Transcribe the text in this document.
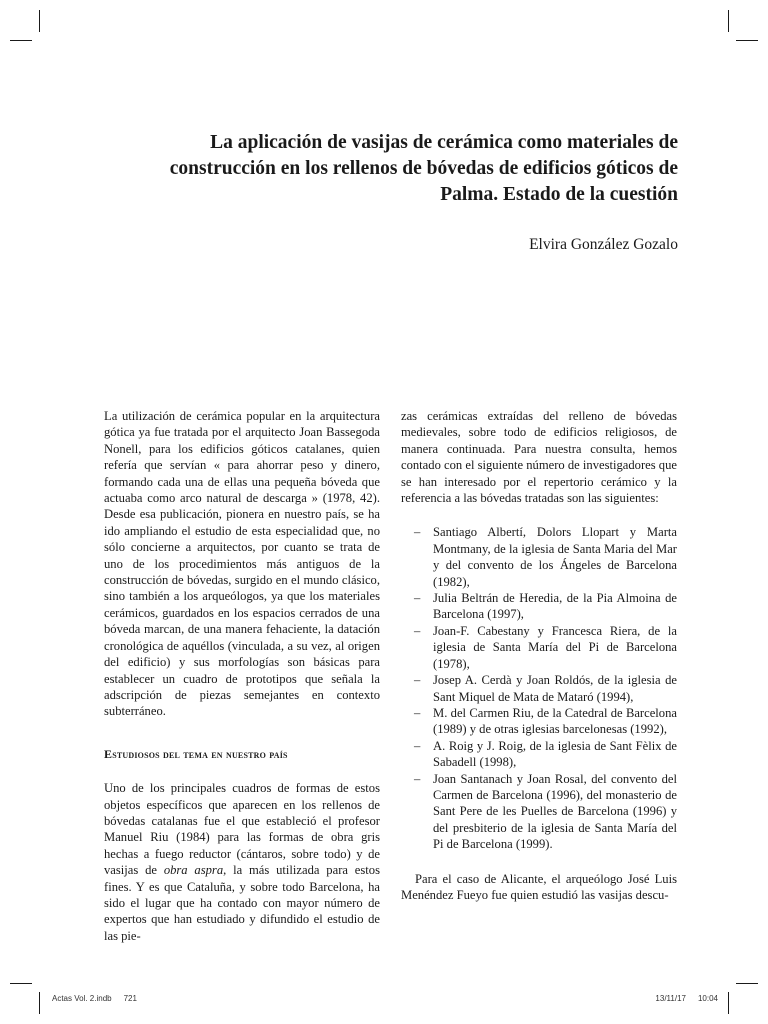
La aplicación de vasijas de cerámica como materiales de
construcción en los rellenos de bóvedas de edificios góticos de
Palma. Estado de la cuestión

Elvira González Gozalo

La utilización de cerámica popular en la arquitectura gótica ya fue tratada por el arquitecto Joan Bassegoda Nonell, para los edificios góticos catalanes, quien refería que servían « para ahorrar peso y dinero, formando cada una de ellas una pequeña bóveda que actuaba como arco natural de descarga » (1978, 42). Desde esa publicación, pionera en nuestro país, se ha ido ampliando el estudio de esta especialidad que, no sólo concierne a arquitectos, por cuanto se trata de uno de los procedimientos más antiguos de la construcción de bóvedas, surgido en el mundo clásico, sino también a los arqueólogos, ya que los materiales cerámicos, guardados en los espacios cerrados de una bóveda marcan, de una manera fehaciente, la datación cronológica de aquéllos (vinculada, a su vez, al origen del edificio) y sus morfologías son básicas para establecer un cuadro de prototipos que señala la adscripción de piezas semejantes en contexto subterráneo.

Estudiosos del tema en nuestro país

Uno de los principales cuadros de formas de estos objetos específicos que aparecen en los rellenos de bóvedas catalanas fue el que estableció el profesor Manuel Riu (1984) para las formas de obra gris hechas a fuego reductor (cántaros, sobre todo) y de vasijas de obra aspra, la más utilizada para estos fines. Y es que Cataluña, y sobre todo Barcelona, ha sido el lugar que ha contado con mayor número de expertos que han estudiado y difundido el estudio de las pie-

zas cerámicas extraídas del relleno de bóvedas medievales, sobre todo de edificios religiosos, de manera continuada. Para nuestra consulta, hemos contado con el siguiente número de investigadores que se han interesado por el repertorio cerámico y la referencia a las bóvedas tratadas son las siguientes:

– Santiago Albertí, Dolors Llopart y Marta Montmany, de la iglesia de Santa Maria del Mar y del convento de los Ángeles de Barcelona (1982),
– Julia Beltrán de Heredia, de la Pia Almoina de Barcelona (1997),
– Joan-F. Cabestany y Francesca Riera, de la iglesia de Santa María del Pi de Barcelona (1978),
– Josep A. Cerdà y Joan Roldós, de la iglesia de Sant Miquel de Mata de Mataró (1994),
– M. del Carmen Riu, de la Catedral de Barcelona (1989) y de otras iglesias barcelonesas (1992),
– A. Roig y J. Roig, de la iglesia de Sant Fèlix de Sabadell (1998),
– Joan Santanach y Joan Rosal, del convento del Carmen de Barcelona (1996), del monasterio de Sant Pere de les Puelles de Barcelona (1996) y del presbiterio de la iglesia de Santa María del Pi de Barcelona (1999).

Para el caso de Alicante, el arqueólogo José Luis Menéndez Fueyo fue quien estudió las vasijas descu-

Actas Vol. 2.indb 721	13/11/17 10:04
